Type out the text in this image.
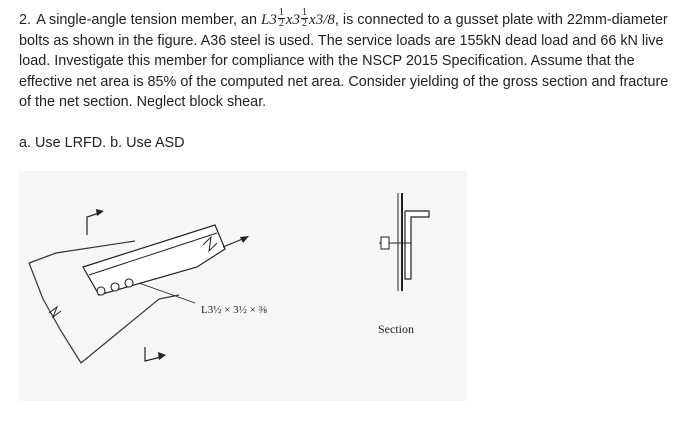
2. A single-angle tension member, an $L3 \frac{1}{2} x3 \frac{1}{2} x3/8$, is connected to a gusset plate with 22mm-diameter bolts as shown in the figure. A36 steel is used. The service loads are 155kN dead load and 66 kN live load. Investigate this member for compliance with the NSCP 2015 Specification. Assume that the effective net area is 85% of the computed net area. Consider yielding of the gross section and fracture of the net section. Neglect block shear.

a. Use LRFD. b. Use ASD

L3½ × 3½ × ⅜
Section
